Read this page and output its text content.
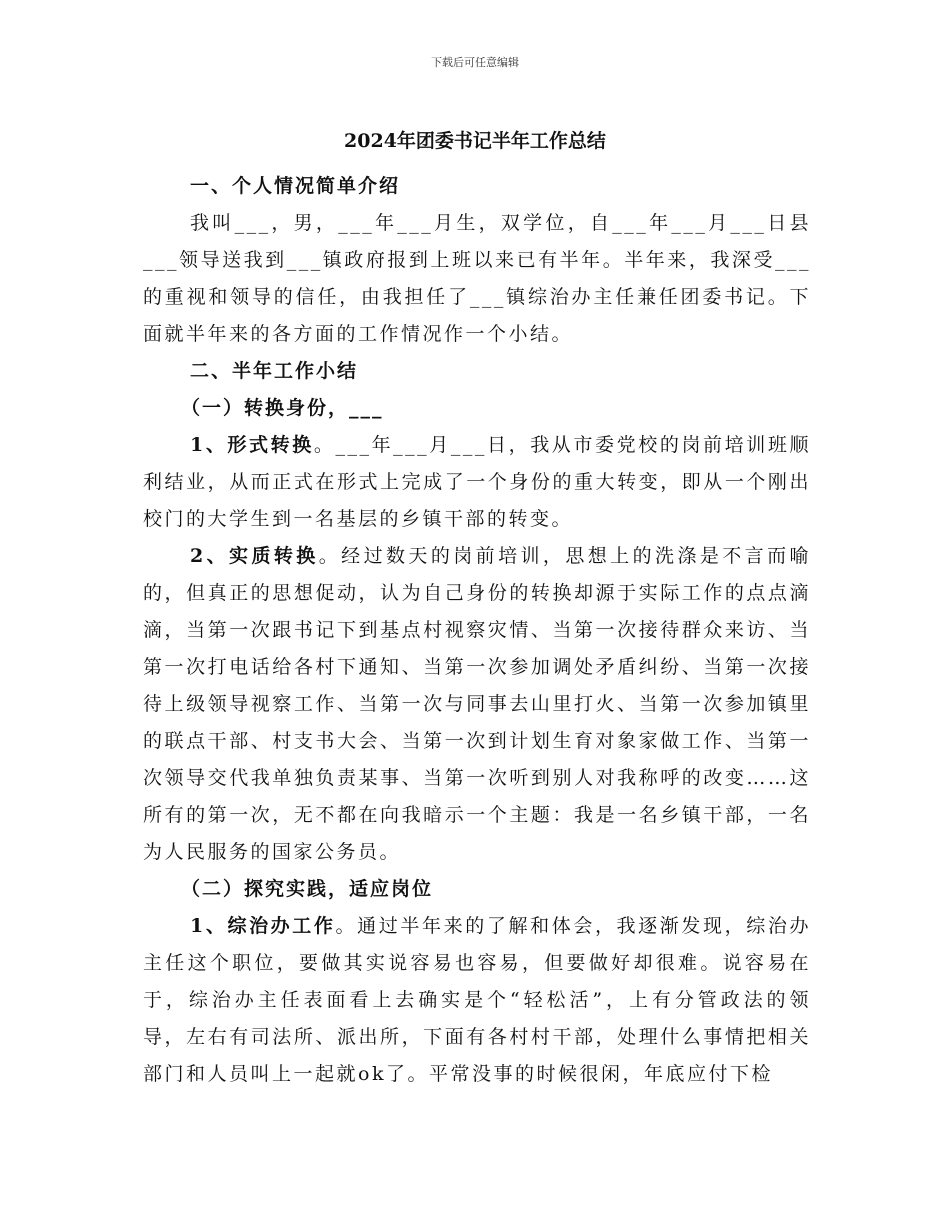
下载后可任意编辑
2024年团委书记半年工作总结

一、个人情况简单介绍

我叫___，男，___年___月生，双学位，自___年___月___日县___领导送我到___镇政府报到上班以来已有半年。半年来，我深受___的重视和领导的信任，由我担任了___镇综治办主任兼任团委书记。下面就半年来的各方面的工作情况作一个小结。

二、半年工作小结

（一）转换身份，___

1、形式转换。___年___月___日，我从市委党校的岗前培训班顺利结业，从而正式在形式上完成了一个身份的重大转变，即从一个刚出校门的大学生到一名基层的乡镇干部的转变。

2、实质转换。经过数天的岗前培训，思想上的洗涤是不言而喻的，但真正的思想促动，认为自己身份的转换却源于实际工作的点点滴滴，当第一次跟书记下到基点村视察灾情、当第一次接待群众来访、当第一次打电话给各村下通知、当第一次参加调处矛盾纠纷、当第一次接待上级领导视察工作、当第一次与同事去山里打火、当第一次参加镇里的联点干部、村支书大会、当第一次到计划生育对象家做工作、当第一次领导交代我单独负责某事、当第一次听到别人对我称呼的改变……这所有的第一次，无不都在向我暗示一个主题：我是一名乡镇干部，一名为人民服务的国家公务员。

（二）探究实践，适应岗位

1、综治办工作。通过半年来的了解和体会，我逐渐发现，综治办主任这个职位，要做其实说容易也容易，但要做好却很难。说容易在于，综治办主任表面看上去确实是个“轻松活”，上有分管政法的领导，左右有司法所、派出所，下面有各村村干部，处理什么事情把相关部门和人员叫上一起就ok了。平常没事的时候很闲，年底应付下检
